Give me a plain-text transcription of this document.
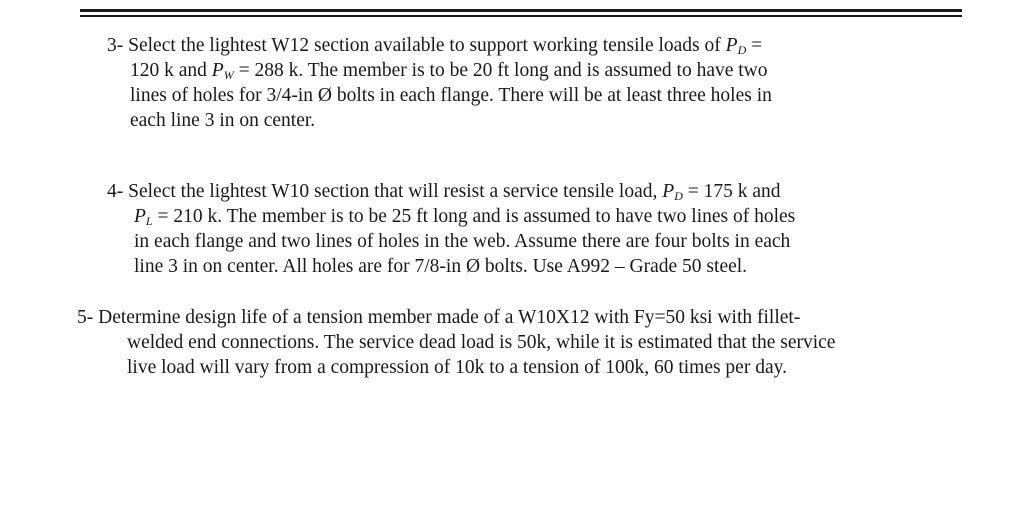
3- Select the lightest W12 section available to support working tensile loads of $P_D$ =
120 k and $P_W = 288$ k. The member is to be 20 ft long and is assumed to have two
lines of holes for 3/4-in Ø bolts in each flange. There will be at least three holes in
each line 3 in on center.
4- Select the lightest W10 section that will resist a service tensile load, $P_D = 175$ k and
$P_L = 210$ k. The member is to be 25 ft long and is assumed to have two lines of holes
in each flange and two lines of holes in the web. Assume there are four bolts in each
line 3 in on center. All holes are for 7/8-in Ø bolts. Use A992 – Grade 50 steel.
5- Determine design life of a tension member made of a W10X12 with Fy=50 ksi with fillet-
welded end connections. The service dead load is 50k, while it is estimated that the service
live load will vary from a compression of 10k to a tension of 100k, 60 times per day.
